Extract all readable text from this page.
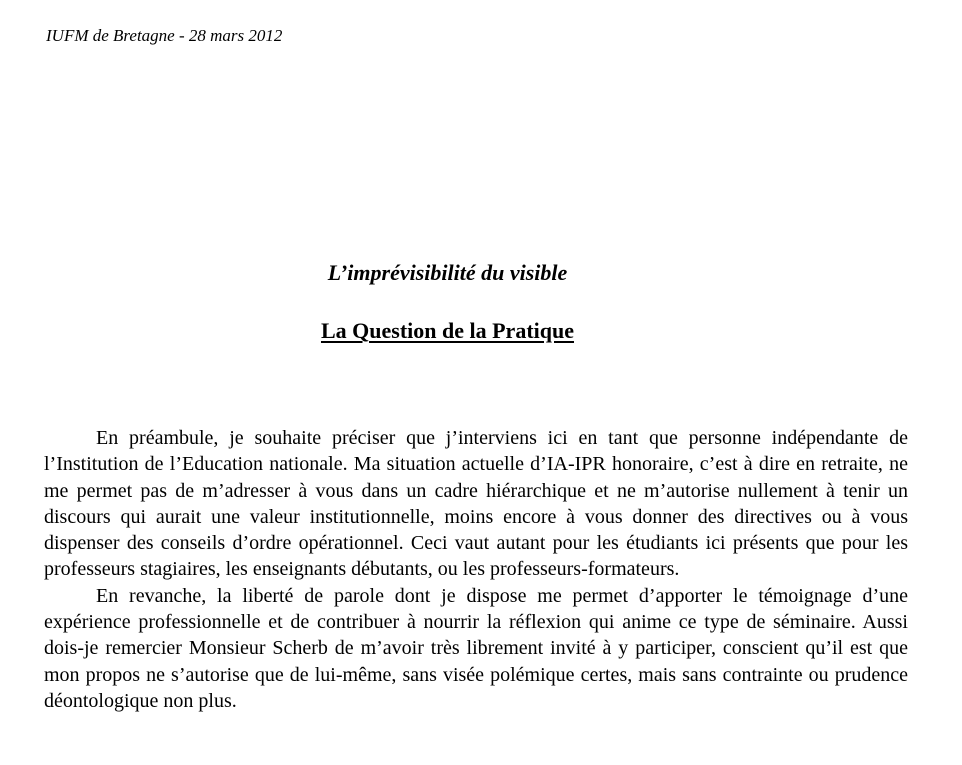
IUFM de Bretagne - 28 mars 2012
L’imprévisibilité du visible
La Question de la Pratique

En préambule, je souhaite préciser que j’interviens ici en tant que personne indépendante de l’Institution de l’Education nationale. Ma situation actuelle d’IA-IPR honoraire, c’est à dire en retraite, ne me permet pas de m’adresser à vous dans un cadre hiérarchique et ne m’autorise nullement à tenir un discours qui aurait une valeur institutionnelle, moins encore à vous donner des directives ou à vous dispenser des conseils d’ordre opérationnel. Ceci vaut autant pour les étudiants ici présents que pour les professeurs stagiaires, les enseignants débutants, ou les professeurs-formateurs.

En revanche, la liberté de parole dont je dispose me permet d’apporter le témoignage d’une expérience professionnelle et de contribuer à nourrir la réflexion qui anime ce type de séminaire. Aussi dois-je remercier Monsieur Scherb de m’avoir très librement invité à y participer, conscient qu’il est que mon propos ne s’autorise que de lui-même, sans visée polémique certes, mais sans contrainte ou prudence déontologique non plus.
